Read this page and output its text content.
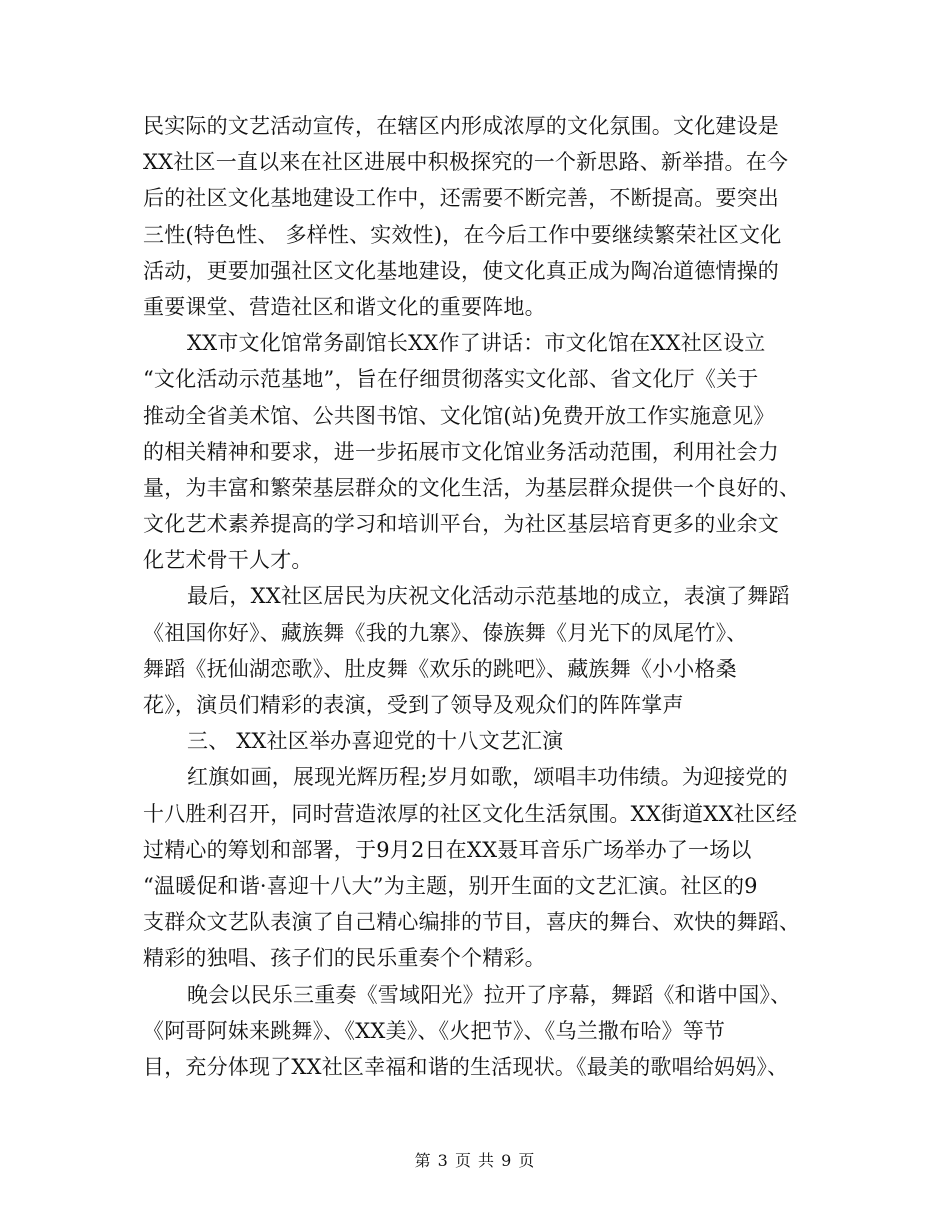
民实际的文艺活动宣传，在辖区内形成浓厚的文化氛围。文化建设是
XX社区一直以来在社区进展中积极探究的一个新思路、新举措。在今
后的社区文化基地建设工作中，还需要不断完善，不断提高。要突出
三性(特色性、 多样性、实效性)，在今后工作中要继续繁荣社区文化
活动，更要加强社区文化基地建设，使文化真正成为陶冶道德情操的
重要课堂、营造社区和谐文化的重要阵地。
XX市文化馆常务副馆长XX作了讲话：市文化馆在XX社区设立
“文化活动示范基地”，旨在仔细贯彻落实文化部、省文化厅《关于
推动全省美术馆、公共图书馆、文化馆(站)免费开放工作实施意见》
的相关精神和要求，进一步拓展市文化馆业务活动范围，利用社会力
量，为丰富和繁荣基层群众的文化生活，为基层群众提供一个良好的、
文化艺术素养提高的学习和培训平台，为社区基层培育更多的业余文
化艺术骨干人才。
最后，XX社区居民为庆祝文化活动示范基地的成立，表演了舞蹈
《祖国你好》、藏族舞《我的九寨》、傣族舞《月光下的凤尾竹》、
舞蹈《抚仙湖恋歌》、肚皮舞《欢乐的跳吧》、藏族舞《小小格桑
花》，演员们精彩的表演，受到了领导及观众们的阵阵掌声
三、 XX社区举办喜迎党的十八文艺汇演
红旗如画，展现光辉历程;岁月如歌，颂唱丰功伟绩。为迎接党的
十八胜利召开，同时营造浓厚的社区文化生活氛围。XX街道XX社区经
过精心的筹划和部署，于9月2日在XX聂耳音乐广场举办了一场以
“温暖促和谐·喜迎十八大”为主题，别开生面的文艺汇演。社区的9
支群众文艺队表演了自己精心编排的节目，喜庆的舞台、欢快的舞蹈、
精彩的独唱、孩子们的民乐重奏个个精彩。
晚会以民乐三重奏《雪域阳光》拉开了序幕，舞蹈《和谐中国》、
《阿哥阿妹来跳舞》、《XX美》、《火把节》、《乌兰撒布哈》等节
目，充分体现了XX社区幸福和谐的生活现状。《最美的歌唱给妈妈》、
第 3 页 共 9 页
